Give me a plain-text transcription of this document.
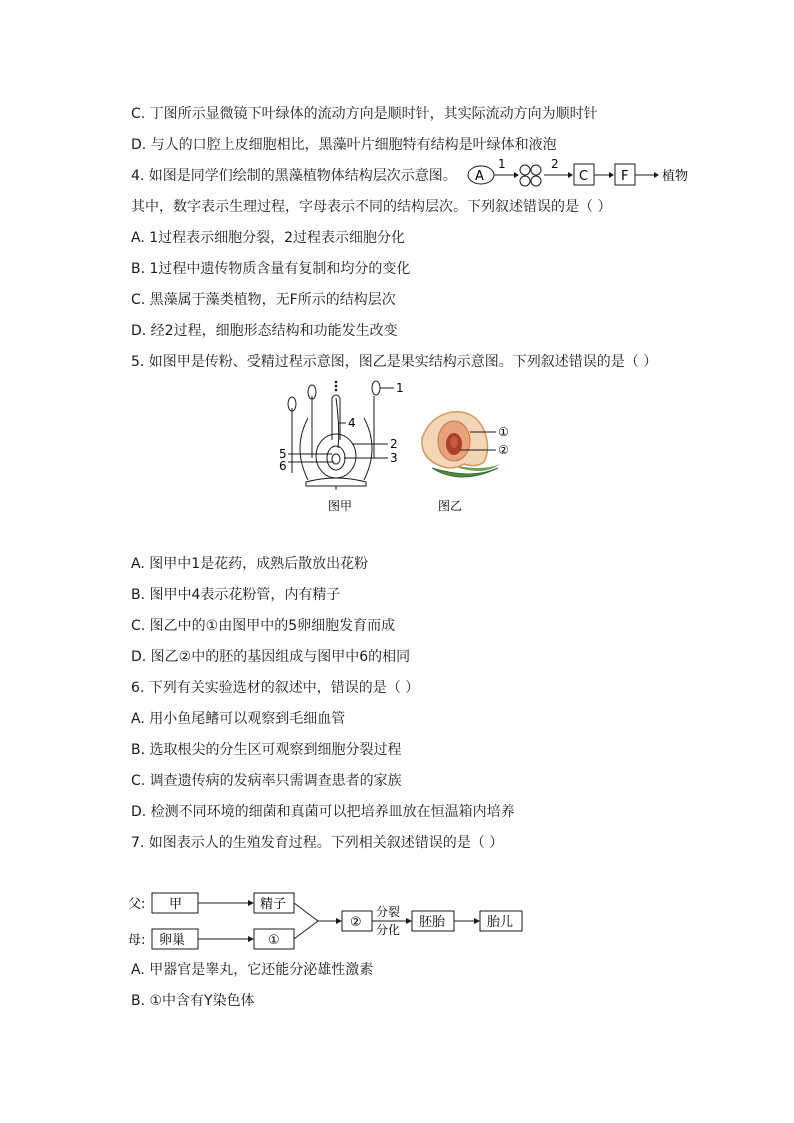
C. 丁图所示显微镜下叶绿体的流动方向是顺时针，其实际流动方向为顺时针
D. 与人的口腔上皮细胞相比，黑藻叶片细胞特有结构是叶绿体和液泡
4. 如图是同学们绘制的黑藻植物体结构层次示意图。 A
1	2
C	F	植物
其中，数字表示生理过程，字母表示不同的结构层次。下列叙述错误的是（ ）
A. 1过程表示细胞分裂，2过程表示细胞分化
B. 1过程中遗传物质含量有复制和均分的变化
C. 黑藻属于藻类植物，无F所示的结构层次
D. 经2过程，细胞形态结构和功能发生改变
5. 如图甲是传粉、受精过程示意图，图乙是果实结构示意图。下列叙述错误的是（ ）
1
4
2
3
5
6
图甲
①
②
图乙
A. 图甲中1是花药，成熟后散放出花粉
B. 图甲中4表示花粉管，内有精子
C. 图乙中的①由图甲中的5卵细胞发育而成
D. 图乙②中的胚的基因组成与图甲中6的相同
6. 下列有关实验选材的叙述中，错误的是（ ）
A. 用小鱼尾鳍可以观察到毛细血管
B. 选取根尖的分生区可观察到细胞分裂过程
C. 调查遗传病的发病率只需调查患者的家族
D. 检测不同环境的细菌和真菌可以把培养皿放在恒温箱内培养
7. 如图表示人的生殖发育过程。下列相关叙述错误的是（ ）
父:
母:
甲
卵巢
精子
①
②
分裂
分化 胚胎	胎儿
A. 甲器官是睾丸，它还能分泌雄性激素
B. ①中含有Y染色体
